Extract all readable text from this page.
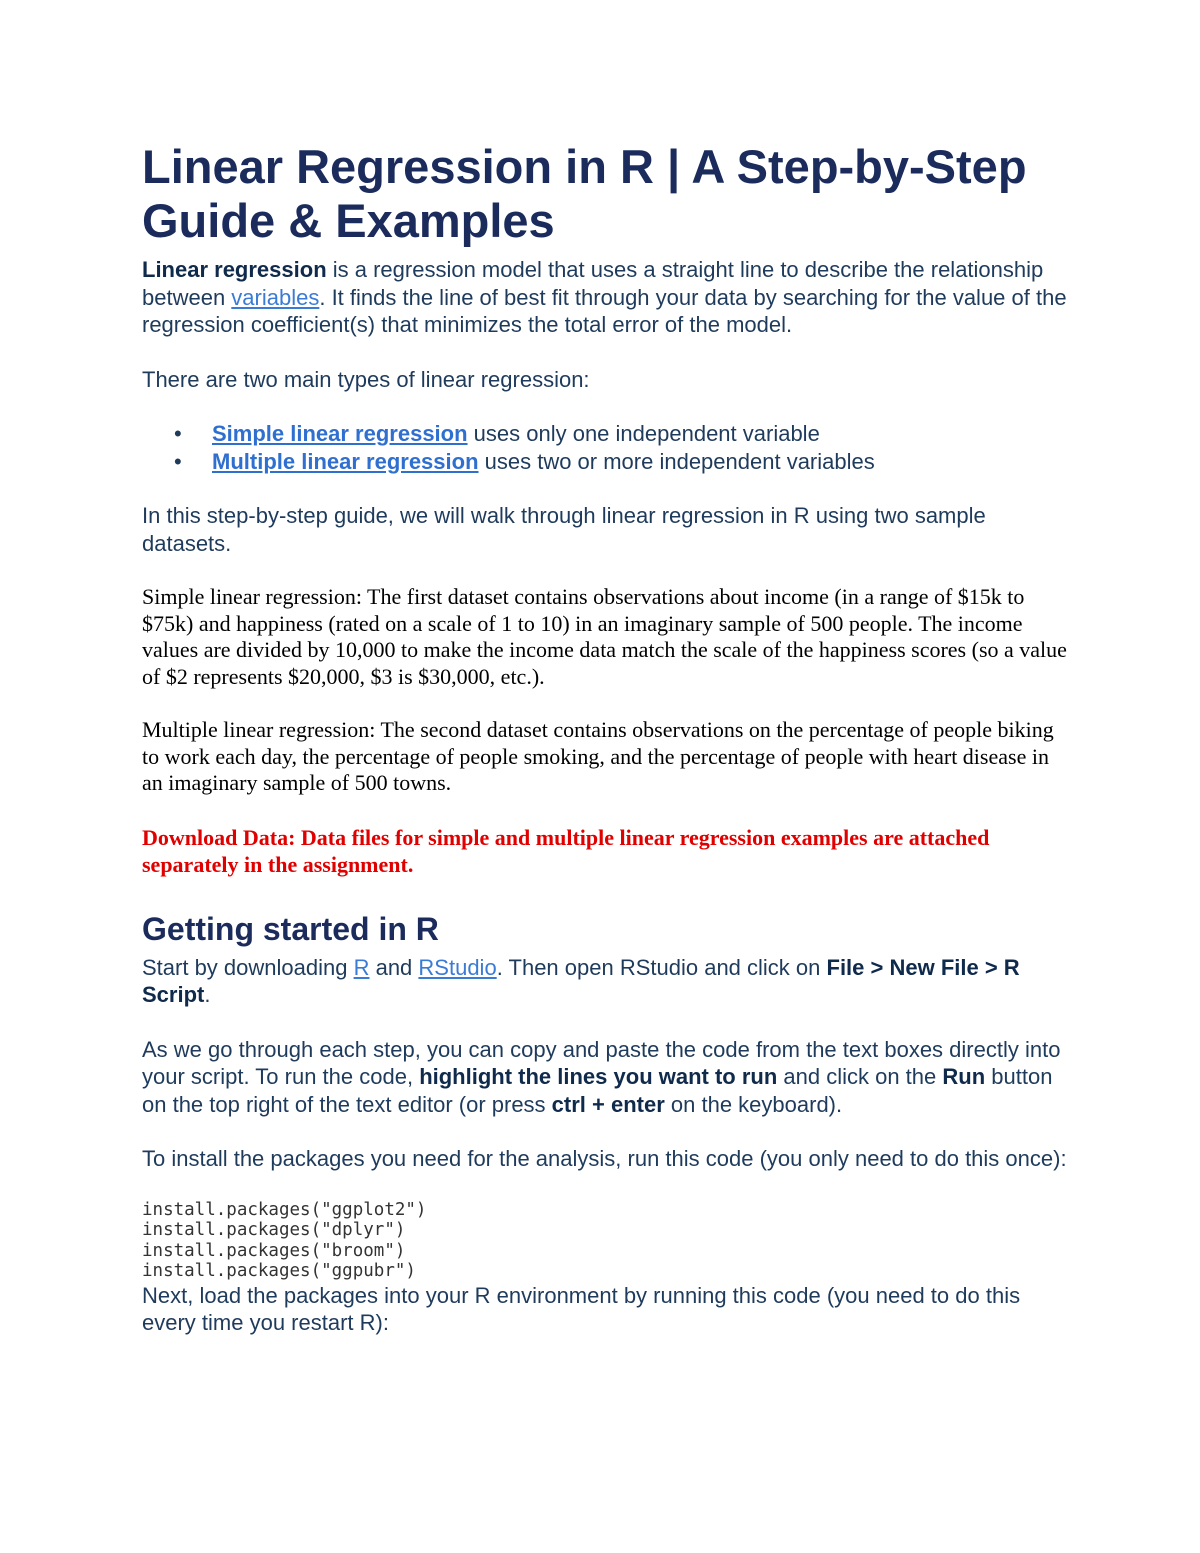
Linear Regression in R | A Step-by-Step Guide & Examples

Linear regression is a regression model that uses a straight line to describe the relationship between variables. It finds the line of best fit through your data by searching for the value of the regression coefficient(s) that minimizes the total error of the model.

There are two main types of linear regression:

• Simple linear regression uses only one independent variable
• Multiple linear regression uses two or more independent variables

In this step-by-step guide, we will walk through linear regression in R using two sample datasets.

Simple linear regression: The first dataset contains observations about income (in a range of $15k to $75k) and happiness (rated on a scale of 1 to 10) in an imaginary sample of 500 people. The income values are divided by 10,000 to make the income data match the scale of the happiness scores (so a value of $2 represents $20,000, $3 is $30,000, etc.).

Multiple linear regression: The second dataset contains observations on the percentage of people biking to work each day, the percentage of people smoking, and the percentage of people with heart disease in an imaginary sample of 500 towns.

Download Data: Data files for simple and multiple linear regression examples are attached separately in the assignment.

Getting started in R

Start by downloading R and RStudio. Then open RStudio and click on File > New File > R Script.

As we go through each step, you can copy and paste the code from the text boxes directly into your script. To run the code, highlight the lines you want to run and click on the Run button on the top right of the text editor (or press ctrl + enter on the keyboard).

To install the packages you need for the analysis, run this code (you only need to do this once):

install.packages("ggplot2")

install.packages("dplyr")

install.packages("broom")

install.packages("ggpubr")

Next, load the packages into your R environment by running this code (you need to do this every time you restart R):
